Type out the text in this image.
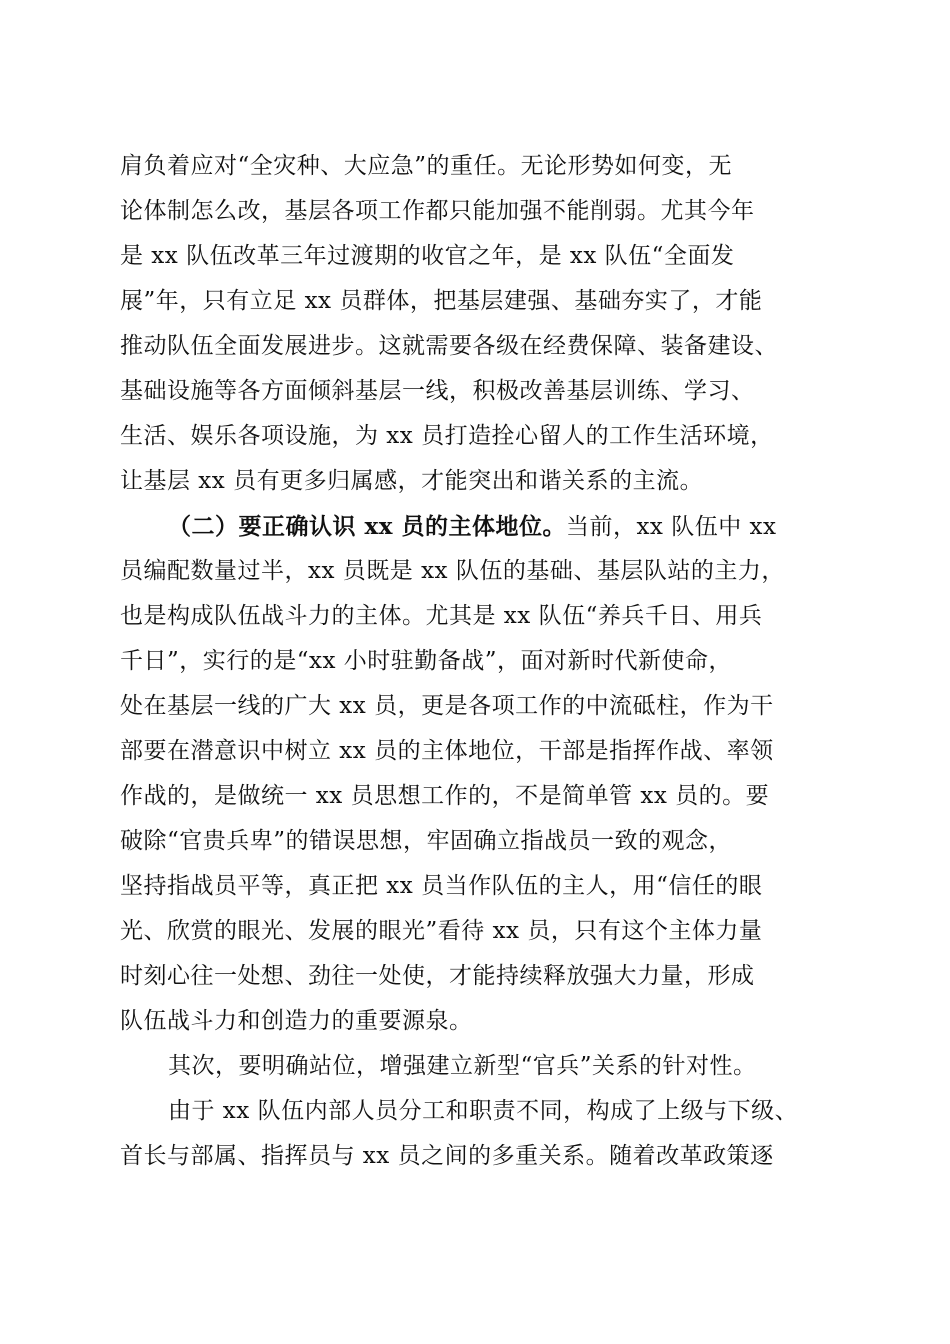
肩负着应对“全灾种、大应急”的重任。无论形势如何变，无
论体制怎么改，基层各项工作都只能加强不能削弱。尤其今年
是 xx 队伍改革三年过渡期的收官之年，是 xx 队伍“全面发
展”年，只有立足 xx 员群体，把基层建强、基础夯实了，才能
推动队伍全面发展进步。这就需要各级在经费保障、装备建设、
基础设施等各方面倾斜基层一线，积极改善基层训练、学习、
生活、娱乐各项设施，为 xx 员打造拴心留人的工作生活环境，
让基层 xx 员有更多归属感，才能突出和谐关系的主流。
（二）要正确认识 xx 员的主体地位。当前，xx 队伍中 xx
员编配数量过半，xx 员既是 xx 队伍的基础、基层队站的主力，
也是构成队伍战斗力的主体。尤其是 xx 队伍“养兵千日、用兵
千日”，实行的是“xx 小时驻勤备战”，面对新时代新使命，
处在基层一线的广大 xx 员，更是各项工作的中流砥柱，作为干
部要在潜意识中树立 xx 员的主体地位，干部是指挥作战、率领
作战的，是做统一 xx 员思想工作的，不是简单管 xx 员的。要
破除“官贵兵卑”的错误思想，牢固确立指战员一致的观念，
坚持指战员平等，真正把 xx 员当作队伍的主人，用“信任的眼
光、欣赏的眼光、发展的眼光”看待 xx 员，只有这个主体力量
时刻心往一处想、劲往一处使，才能持续释放强大力量，形成
队伍战斗力和创造力的重要源泉。
其次，要明确站位，增强建立新型“官兵”关系的针对性。
由于 xx 队伍内部人员分工和职责不同，构成了上级与下级、
首长与部属、指挥员与 xx 员之间的多重关系。随着改革政策逐
